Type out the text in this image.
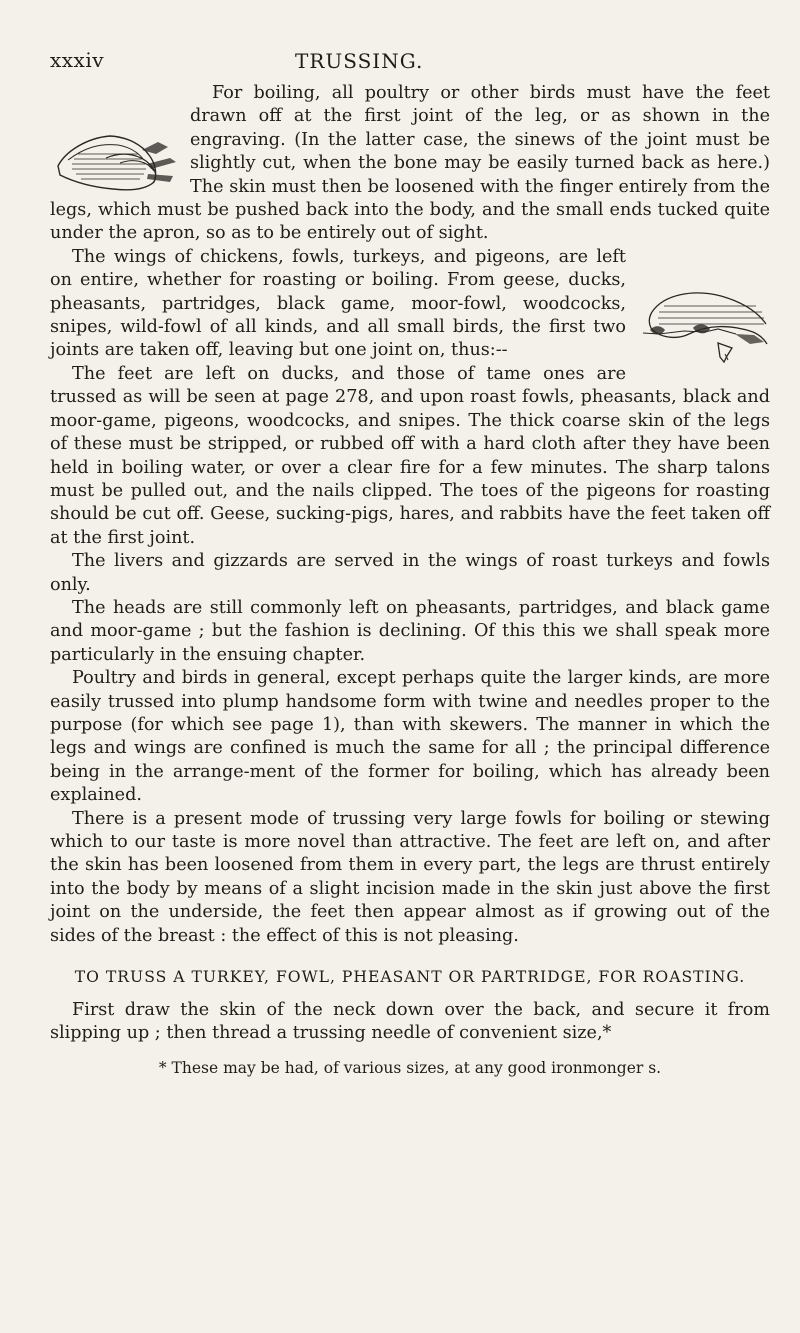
xxxiv	TRUSSING.

For boiling, all poultry or other birds must have the feet drawn off at the first joint of the leg, or as shown in the engraving. (In the latter case, the sinews of the joint must be slightly cut, when the bone may be easily turned back as here.) The skin must then be loosened with the finger entirely from the legs, which must be pushed back into the body, and the small ends tucked quite under the apron, so as to be entirely out of sight.

The wings of chickens, fowls, turkeys, and pigeons, are left on entire, whether for roasting or boiling. From geese, ducks, pheasants, partridges, black game, moor-fowl, woodcocks, snipes, wild-fowl of all kinds, and all small birds, the first two joints are taken off, leaving but one joint on, thus:--

The feet are left on ducks, and those of tame ones are trussed as will be seen at page 278, and upon roast fowls, pheasants, black and moor-game, pigeons, woodcocks, and snipes. The thick coarse skin of the legs of these must be stripped, or rubbed off with a hard cloth after they have been held in boiling water, or over a clear fire for a few minutes. The sharp talons must be pulled out, and the nails clipped. The toes of the pigeons for roasting should be cut off. Geese, sucking-pigs, hares, and rabbits have the feet taken off at the first joint.

The livers and gizzards are served in the wings of roast turkeys and fowls only.

The heads are still commonly left on pheasants, partridges, and black game and moor-game ; but the fashion is declining. Of this this we shall speak more particularly in the ensuing chapter.

Poultry and birds in general, except perhaps quite the larger kinds, are more easily trussed into plump handsome form with twine and needles proper to the purpose (for which see page 1), than with skewers. The manner in which the legs and wings are confined is much the same for all ; the principal difference being in the arrange-ment of the former for boiling, which has already been explained.

There is a present mode of trussing very large fowls for boiling or stewing which to our taste is more novel than attractive. The feet are left on, and after the skin has been loosened from them in every part, the legs are thrust entirely into the body by means of a slight incision made in the skin just above the first joint on the underside, the feet then appear almost as if growing out of the sides of the breast : the effect of this is not pleasing.

TO TRUSS A TURKEY, FOWL, PHEASANT OR PARTRIDGE, FOR ROASTING.

First draw the skin of the neck down over the back, and secure it from slipping up ; then thread a trussing needle of convenient size,*

* These may be had, of various sizes, at any good ironmonger s.
